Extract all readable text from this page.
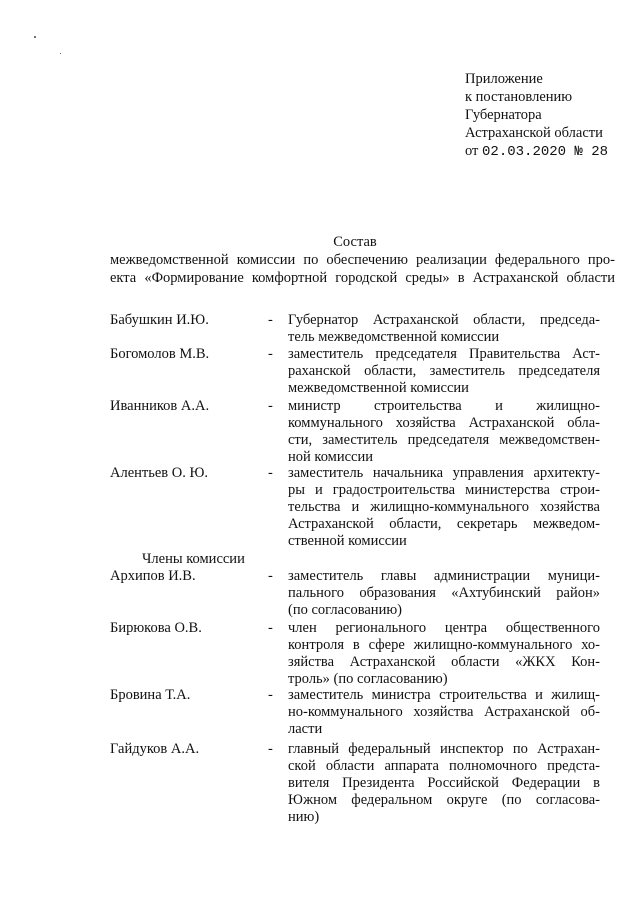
Приложение
к постановлению
Губернатора
Астраханской области
от 02.03.2020 № 28
Состав
межведомственной комиссии по обеспечению реализации федерального про-
екта «Формирование комфортной городской среды» в Астраханской области
Бабушкин И.Ю.	- Губернатор Астраханской области, председа-
тель межведомственной комиссии
Богомолов М.В.	- заместитель председателя Правительства Аст-
раханской области, заместитель председателя
межведомственной комиссии
Иванников А.А.	- министр строительства и жилищно-
коммунального хозяйства Астраханской обла-
сти, заместитель председателя межведомствен-
ной комиссии
Алентьев О. Ю.	- заместитель начальника управления архитекту-
ры и градостроительства министерства строи-
тельства и жилищно-коммунального хозяйства
Астраханской области, секретарь межведом-
ственной комиссии
Члены комиссии
Архипов И.В.	- заместитель главы администрации муници-
пального образования «Ахтубинский район»
(по согласованию)
Бирюкова О.В.	- член регионального центра общественного
контроля в сфере жилищно-коммунального хо-
зяйства Астраханской области «ЖКХ Кон-
троль» (по согласованию)
Бровина Т.А.	- заместитель министра строительства и жилищ-
но-коммунального хозяйства Астраханской об-
ласти
Гайдуков А.А.	- главный федеральный инспектор по Астрахан-
ской области аппарата полномочного предста-
вителя Президента Российской Федерации в
Южном федеральном округе (по согласова-
нию)
